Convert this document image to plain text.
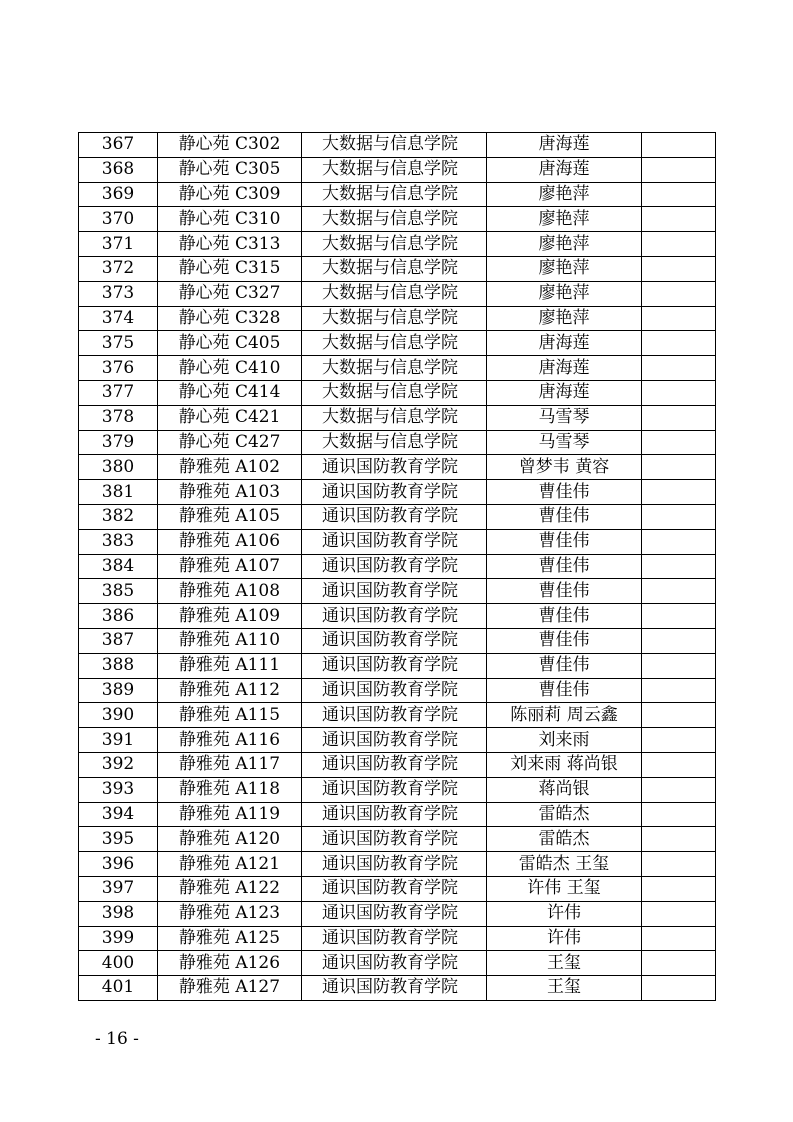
367	静心苑 C302	大数据与信息学院	唐海莲	
368	静心苑 C305	大数据与信息学院	唐海莲	
369	静心苑 C309	大数据与信息学院	廖艳萍	
370	静心苑 C310	大数据与信息学院	廖艳萍	
371	静心苑 C313	大数据与信息学院	廖艳萍	
372	静心苑 C315	大数据与信息学院	廖艳萍	
373	静心苑 C327	大数据与信息学院	廖艳萍	
374	静心苑 C328	大数据与信息学院	廖艳萍	
375	静心苑 C405	大数据与信息学院	唐海莲	
376	静心苑 C410	大数据与信息学院	唐海莲	
377	静心苑 C414	大数据与信息学院	唐海莲	
378	静心苑 C421	大数据与信息学院	马雪琴	
379	静心苑 C427	大数据与信息学院	马雪琴	
380	静雅苑 A102	通识国防教育学院	曾梦韦 黄容	
381	静雅苑 A103	通识国防教育学院	曹佳伟	
382	静雅苑 A105	通识国防教育学院	曹佳伟	
383	静雅苑 A106	通识国防教育学院	曹佳伟	
384	静雅苑 A107	通识国防教育学院	曹佳伟	
385	静雅苑 A108	通识国防教育学院	曹佳伟	
386	静雅苑 A109	通识国防教育学院	曹佳伟	
387	静雅苑 A110	通识国防教育学院	曹佳伟	
388	静雅苑 A111	通识国防教育学院	曹佳伟	
389	静雅苑 A112	通识国防教育学院	曹佳伟	
390	静雅苑 A115	通识国防教育学院	陈丽莉 周云鑫	
391	静雅苑 A116	通识国防教育学院	刘来雨	
392	静雅苑 A117	通识国防教育学院	刘来雨 蒋尚银	
393	静雅苑 A118	通识国防教育学院	蒋尚银	
394	静雅苑 A119	通识国防教育学院	雷皓杰	
395	静雅苑 A120	通识国防教育学院	雷皓杰	
396	静雅苑 A121	通识国防教育学院	雷皓杰 王玺	
397	静雅苑 A122	通识国防教育学院	许伟 王玺	
398	静雅苑 A123	通识国防教育学院	许伟	
399	静雅苑 A125	通识国防教育学院	许伟	
400	静雅苑 A126	通识国防教育学院	王玺	
401	静雅苑 A127	通识国防教育学院	王玺	
- 16 -
